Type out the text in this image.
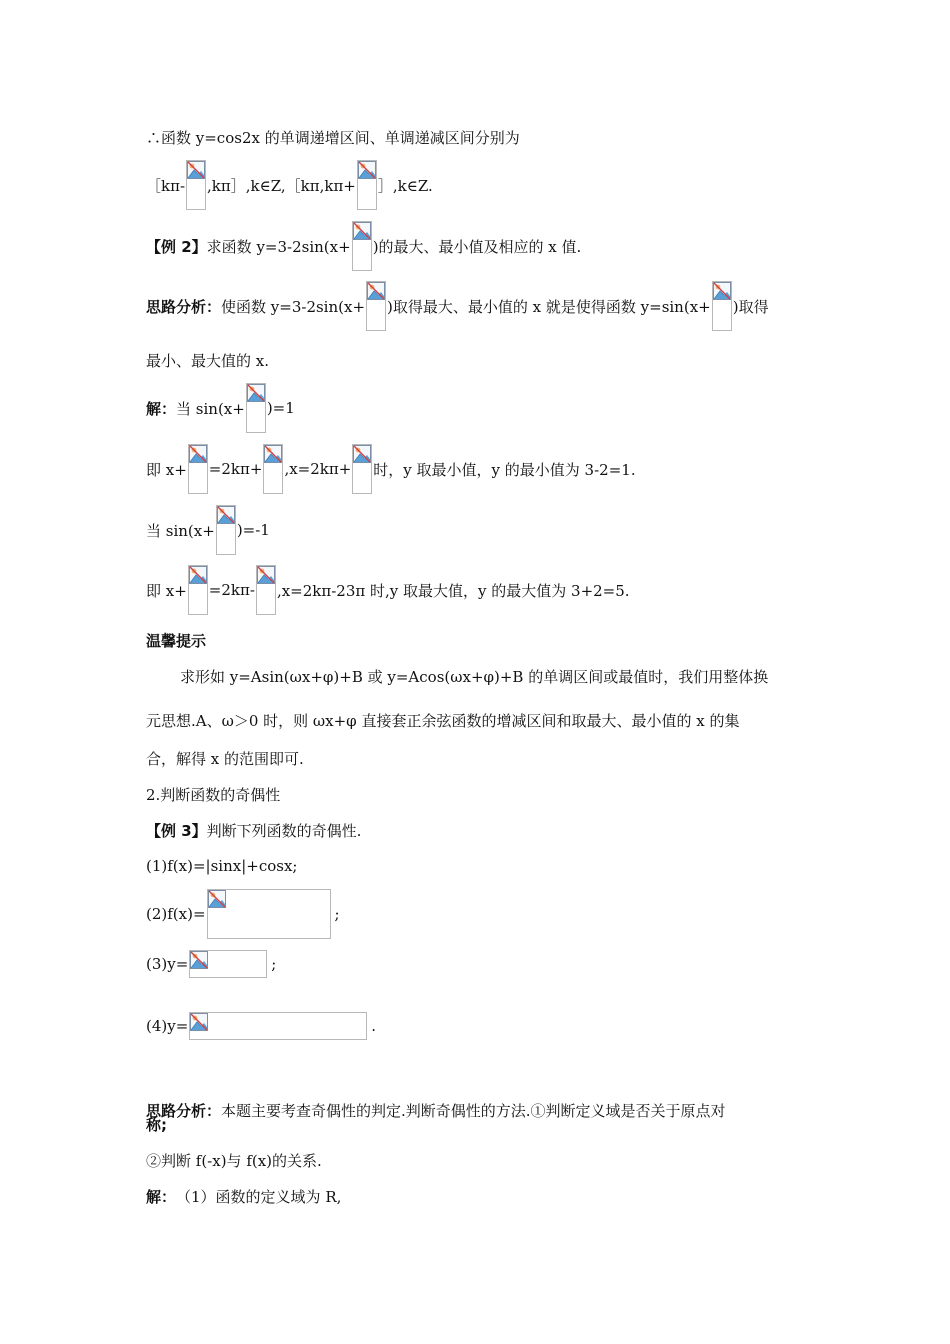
∴函数 y=cos2x 的单调递增区间、单调递减区间分别为
［kπ- ,kπ］,k∈Z,［kπ,kπ+ ］,k∈Z.
【例 2】 求函数 y=3-2sin(x+ )的最大、最小值及相应的 x 值.
思路分析： 使函数 y=3-2sin(x+ )取得最大、最小值的 x 就是使得函数 y=sin(x+ )取得
最小、最大值的 x.
解： 当 sin(x+ )=1
即 x+ =2kπ+ ,x=2kπ+ 时，y 取最小值，y 的最小值为 3-2=1.
当 sin(x+ )=-1
即 x+ =2kπ- ,x=2kπ-23π 时,y 取最大值，y 的最大值为 3+2=5.
温馨提示
求形如 y=Asin(ωx+φ)+B 或 y=Acos(ωx+φ)+B 的单调区间或最值时，我们用整体换
元思想.A、ω＞0 时，则 ωx+φ 直接套正余弦函数的增减区间和取最大、最小值的 x 的集
合，解得 x 的范围即可.
2.判断函数的奇偶性
【例 3】 判断下列函数的奇偶性.
(1)f(x)=|sinx|+cosx;
(2)f(x)=	;
(3)y=	;
(4)y=	.
思路分析： 本题主要考查奇偶性的判定.判断奇偶性的方法.①判断定义域是否关于原点对
称;
②判断 f(-x)与 f(x)的关系.
解： （1）函数的定义域为 R,
